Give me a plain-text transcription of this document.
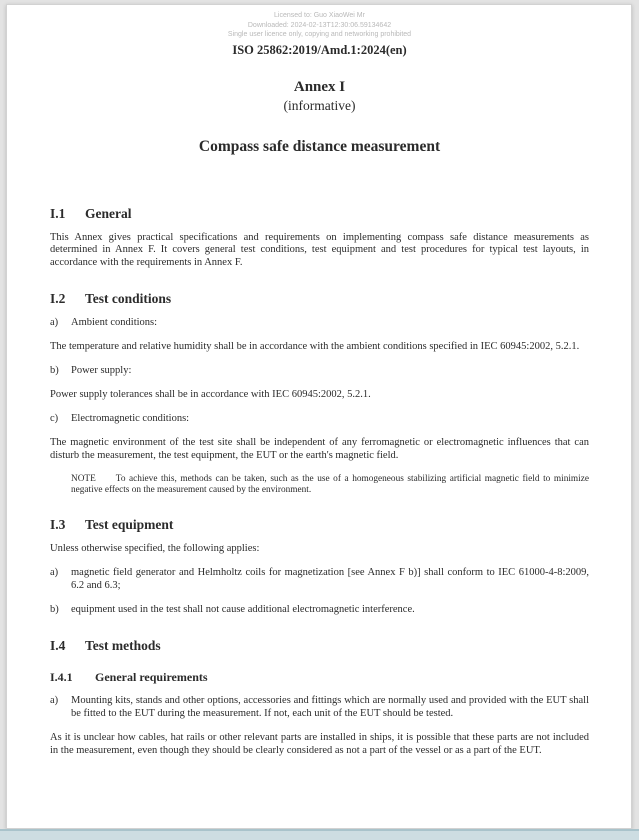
Licensed to: Guo XiaoWei Mr
Downloaded: 2024-02-13T12:30:06.59134642
Single user licence only, copying and networking prohibited
ISO 25862:2019/Amd.1:2024(en)
Annex I
(informative)
Compass safe distance measurement
I.1 General

This Annex gives practical specifications and requirements on implementing compass safe distance measurements as determined in Annex F. It covers general test conditions, test equipment and test procedures for typical test layouts, in accordance with the requirements in Annex F.

I.2 Test conditions
a)	Ambient conditions:

The temperature and relative humidity shall be in accordance with the ambient conditions specified in IEC 60945:2002, 5.2.1.

b)	Power supply:

Power supply tolerances shall be in accordance with IEC 60945:2002, 5.2.1.

c)	Electromagnetic conditions:

The magnetic environment of the test site shall be independent of any ferromagnetic or electromagnetic influences that can disturb the measurement, the test equipment, the EUT or the earth's magnetic field.

NOTE To achieve this, methods can be taken, such as the use of a homogeneous stabilizing artificial magnetic field to minimize negative effects on the measurement caused by the environment.

I.3 Test equipment

Unless otherwise specified, the following applies:

a)	magnetic field generator and Helmholtz coils for magnetization [see Annex F b)] shall conform to IEC 61000-4-8:2009, 6.2 and 6.3;
b)	equipment used in the test shall not cause additional electromagnetic interference.
I.4 Test methods
I.4.1 General requirements
a)	Mounting kits, stands and other options, accessories and fittings which are normally used and provided with the EUT shall be fitted to the EUT during the measurement. If not, each unit of the EUT should be tested.

As it is unclear how cables, hat rails or other relevant parts are installed in ships, it is possible that these parts are not included in the measurement, even though they should be clearly considered as not a part of the vessel or as a part of the EUT.
